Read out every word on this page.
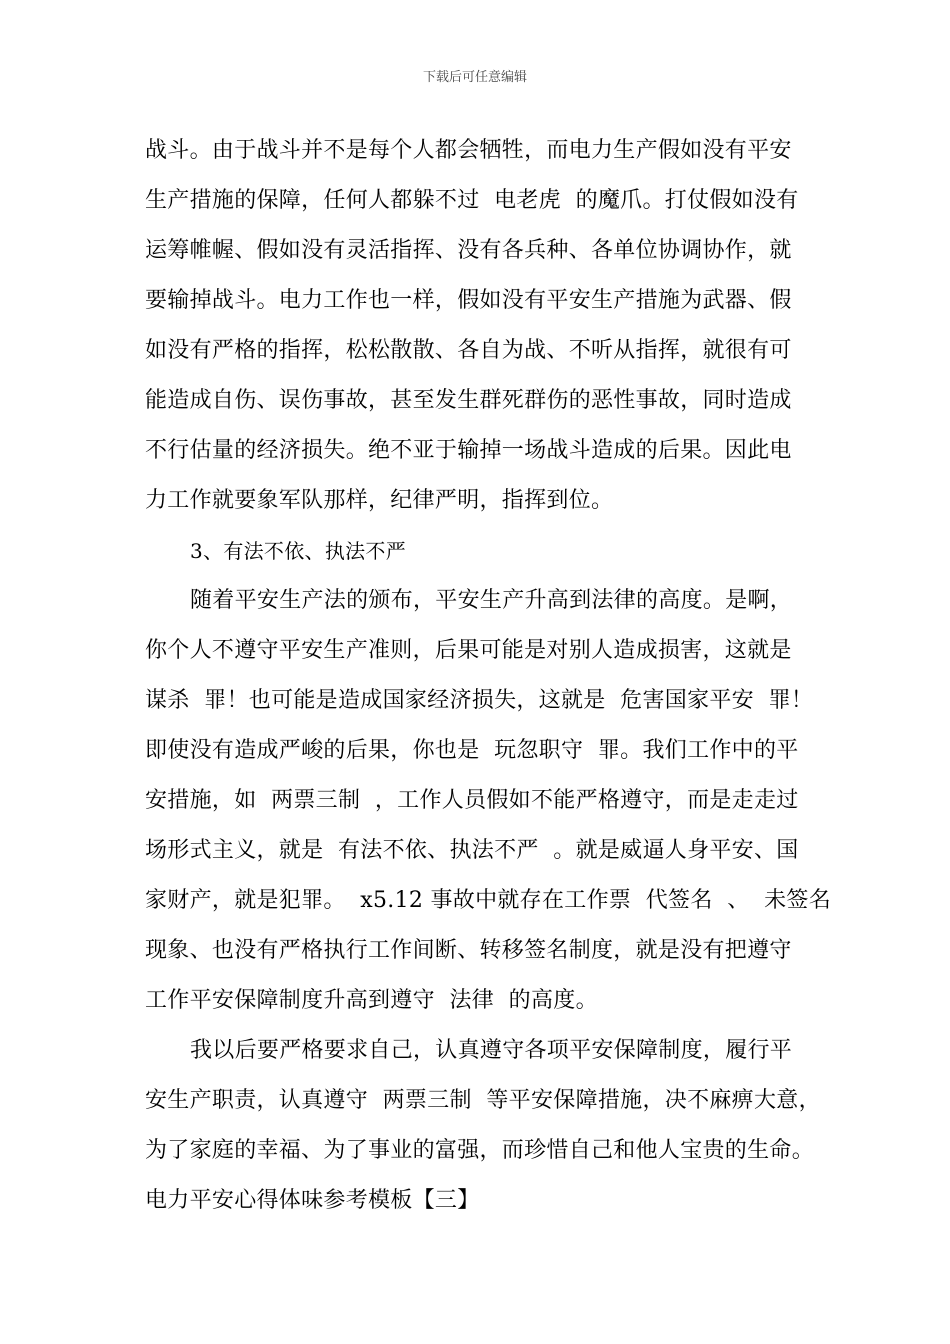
下载后可任意编辑
战斗。由于战斗并不是每个人都会牺牲，而电力生产假如没有平安
生产措施的保障，任何人都躲不过  电老虎  的魔爪。打仗假如没有
运筹帷幄、假如没有灵活指挥、没有各兵种、各单位协调协作，就
要输掉战斗。电力工作也一样，假如没有平安生产措施为武器、假
如没有严格的指挥，松松散散、各自为战、不听从指挥，就很有可
能造成自伤、误伤事故，甚至发生群死群伤的恶性事故，同时造成
不行估量的经济损失。绝不亚于输掉一场战斗造成的后果。因此电
力工作就要象军队那样，纪律严明，指挥到位。
3、有法不依、执法不严
随着平安生产法的颁布，平安生产升高到法律的高度。是啊，
你个人不遵守平安生产准则，后果可能是对别人造成损害，这就是
谋杀  罪！也可能是造成国家经济损失，这就是  危害国家平安  罪！
即使没有造成严峻的后果，你也是  玩忽职守  罪。我们工作中的平
安措施，如  两票三制  ，工作人员假如不能严格遵守，而是走走过
场形式主义，就是  有法不依、执法不严  。就是威逼人身平安、国
家财产，就是犯罪。  x5.12 事故中就存在工作票  代签名  、  未签名
现象、也没有严格执行工作间断、转移签名制度，就是没有把遵守
工作平安保障制度升高到遵守  法律  的高度。
我以后要严格要求自己，认真遵守各项平安保障制度，履行平
安生产职责，认真遵守  两票三制  等平安保障措施，决不麻痹大意，
为了家庭的幸福、为了事业的富强，而珍惜自己和他人宝贵的生命。
电力平安心得体味参考模板【三】
